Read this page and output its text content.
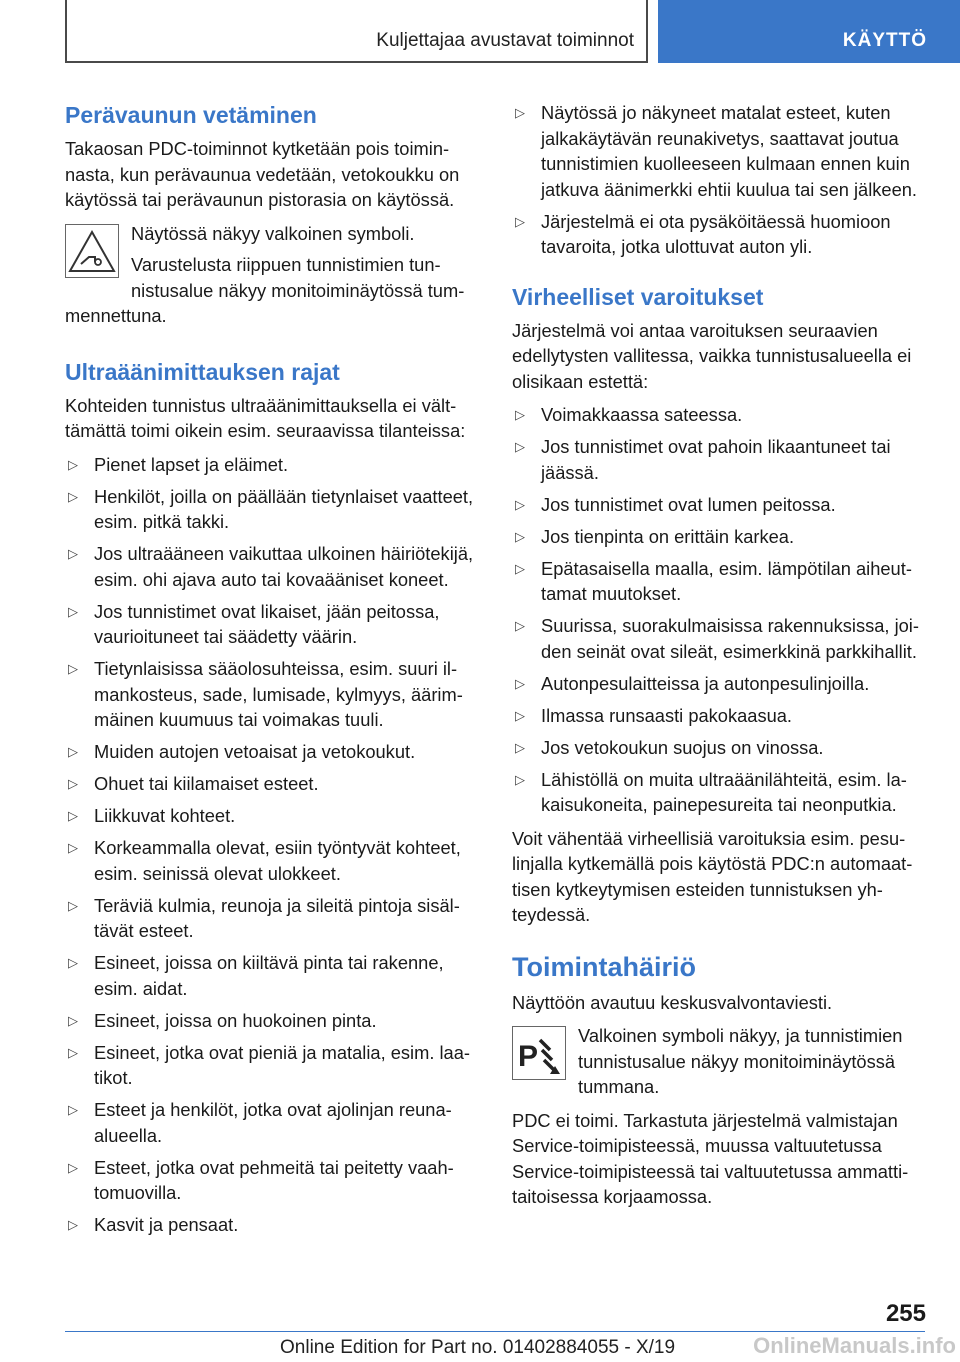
Kuljettajaa avustavat toiminnot	KÄYTTÖ
Perävaunun vetäminen

Takaosan PDC-toiminnot kytketään pois toiminnasta, kun perävaunua vedetään, vetokoukku on käytössä tai perävaunun pistorasia on käytössä.

Näytössä näkyy valkoinen symboli.

Varustelusta riippuen tunnistimien tunnistusalue näkyy monitoiminäytössä tummennettuna.

Ultraäänimittauksen rajat

Kohteiden tunnistus ultraäänimittauksella ei välttämättä toimi oikein esim. seuraavissa tilanteissa:

▷ Pienet lapset ja eläimet.
▷ Henkilöt, joilla on päällään tietynlaiset vaatteet, esim. pitkä takki.
▷ Jos ultraääneen vaikuttaa ulkoinen häiriötekijä, esim. ohi ajava auto tai kovaääniset koneet.
▷ Jos tunnistimet ovat likaiset, jään peitossa, vaurioituneet tai säädetty väärin.
▷ Tietynlaisissa sääolosuhteissa, esim. suuri ilmankosteus, sade, lumisade, kylmyys, äärimmäinen kuumuus tai voimakas tuuli.
▷ Muiden autojen vetoaisat ja vetokoukut.
▷ Ohuet tai kiilamaiset esteet.
▷ Liikkuvat kohteet.
▷ Korkeammalla olevat, esiin työntyvät kohteet, esim. seinissä olevat ulokkeet.
▷ Teräviä kulmia, reunoja ja sileitä pintoja sisältävät esteet.
▷ Esineet, joissa on kiiltävä pinta tai rakenne, esim. aidat.
▷ Esineet, joissa on huokoinen pinta.
▷ Esineet, jotka ovat pieniä ja matalia, esim. laatikot.
▷ Esteet ja henkilöt, jotka ovat ajolinjan reunaalueella.
▷ Esteet, jotka ovat pehmeitä tai peitetty vaahtomuovilla.
▷ Kasvit ja pensaat.
▷ Näytössä jo näkyneet matalat esteet, kuten jalkakäytävän reunakivetys, saattavat joutua tunnistimien kuolleeseen kulmaan ennen kuin jatkuva äänimerkki ehtii kuulua tai sen jälkeen.
▷ Järjestelmä ei ota pysäköitäessä huomioon tavaroita, jotka ulottuvat auton yli.
Virheelliset varoitukset

Järjestelmä voi antaa varoituksen seuraavien edellytysten vallitessa, vaikka tunnistusalueella ei olisikaan estettä:

▷ Voimakkaassa sateessa.
▷ Jos tunnistimet ovat pahoin likaantuneet tai jäässä.
▷ Jos tunnistimet ovat lumen peitossa.
▷ Jos tienpinta on erittäin karkea.
▷ Epätasaisella maalla, esim. lämpötilan aiheuttamat muutokset.
▷ Suurissa, suorakulmaisissa rakennuksissa, joiden seinät ovat sileät, esimerkkinä parkkihallit.
▷ Autonpesulaitteissa ja autonpesulinjoilla.
▷ Ilmassa runsaasti pakokaasua.
▷ Jos vetokoukun suojus on vinossa.
▷ Lähistöllä on muita ultraäänilähteitä, esim. lakaisukoneita, painepesureita tai neonputkia.

Voit vähentää virheellisiä varoituksia esim. pesulinjalla kytkemällä pois käytöstä PDC:n automaattisen kytkeytymisen esteiden tunnistuksen yhteydessä.

Toimintahäiriö

Näyttöön avautuu keskusvalvontaviesti.

P

Valkoinen symboli näkyy, ja tunnistimien tunnistusalue näkyy monitoiminäytössä tummana.

PDC ei toimi. Tarkastuta järjestelmä valmistajan Service-toimipisteessä, muussa valtuutetussa Service-toimipisteessä tai valtuutetussa ammattitaitoisessa korjaamossa.

255
Online Edition for Part no. 01402884055 - X/19	OnlineManuals.info
